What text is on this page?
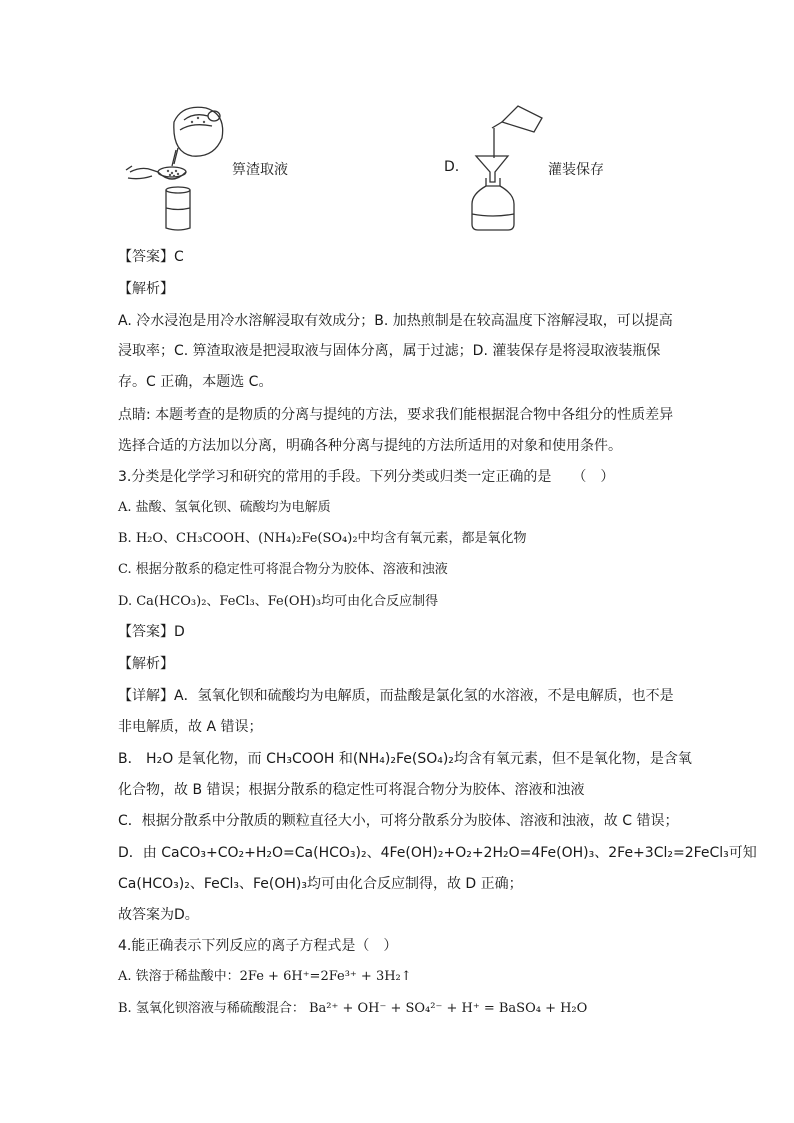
箅渣取液	D.	灌装保存
【答案】C
【解析】
A. 冷水浸泡是用冷水溶解浸取有效成分；B. 加热煎制是在较高温度下溶解浸取，可以提高
浸取率；C. 箅渣取液是把浸取液与固体分离，属于过滤；D. 灌装保存是将浸取液装瓶保
存。C 正确，本题选 C。
点睛: 本题考查的是物质的分离与提纯的方法，要求我们能根据混合物中各组分的性质差异
选择合适的方法加以分离，明确各种分离与提纯的方法所适用的对象和使用条件。
3.分类是化学学习和研究的常用的手段。下列分类或归类一定正确的是　　（　）
A. 盐酸、氢氧化钡、硫酸均为电解质
B. H₂O、CH₃COOH、(NH₄)₂Fe(SO₄)₂中均含有氧元素，都是氧化物
C. 根据分散系的稳定性可将混合物分为胶体、溶液和浊液
D. Ca(HCO₃)₂、FeCl₃、Fe(OH)₃均可由化合反应制得
【答案】D
【解析】
【详解】A．氢氧化钡和硫酸均为电解质，而盐酸是氯化氢的水溶液，不是电解质，也不是
非电解质，故 A 错误；
B． H₂O 是氧化物，而 CH₃COOH 和(NH₄)₂Fe(SO₄)₂均含有氧元素，但不是氧化物，是含氧
化合物，故 B 错误；根据分散系的稳定性可将混合物分为胶体、溶液和浊液
C．根据分散系中分散质的颗粒直径大小，可将分散系分为胶体、溶液和浊液，故 C 错误；
D．由 CaCO₃+CO₂+H₂O=Ca(HCO₃)₂、4Fe(OH)₂+O₂+2H₂O=4Fe(OH)₃、2Fe+3Cl₂=2FeCl₃可知
Ca(HCO₃)₂、FeCl₃、Fe(OH)₃均可由化合反应制得，故 D 正确；
故答案为D。
4.能正确表示下列反应的离子方程式是（　）
A. 铁溶于稀盐酸中：2Fe + 6H⁺=2Fe³⁺ + 3H₂↑
B. 氢氧化钡溶液与稀硫酸混合： Ba²⁺ + OH⁻ + SO₄²⁻ + H⁺ = BaSO₄ + H₂O
